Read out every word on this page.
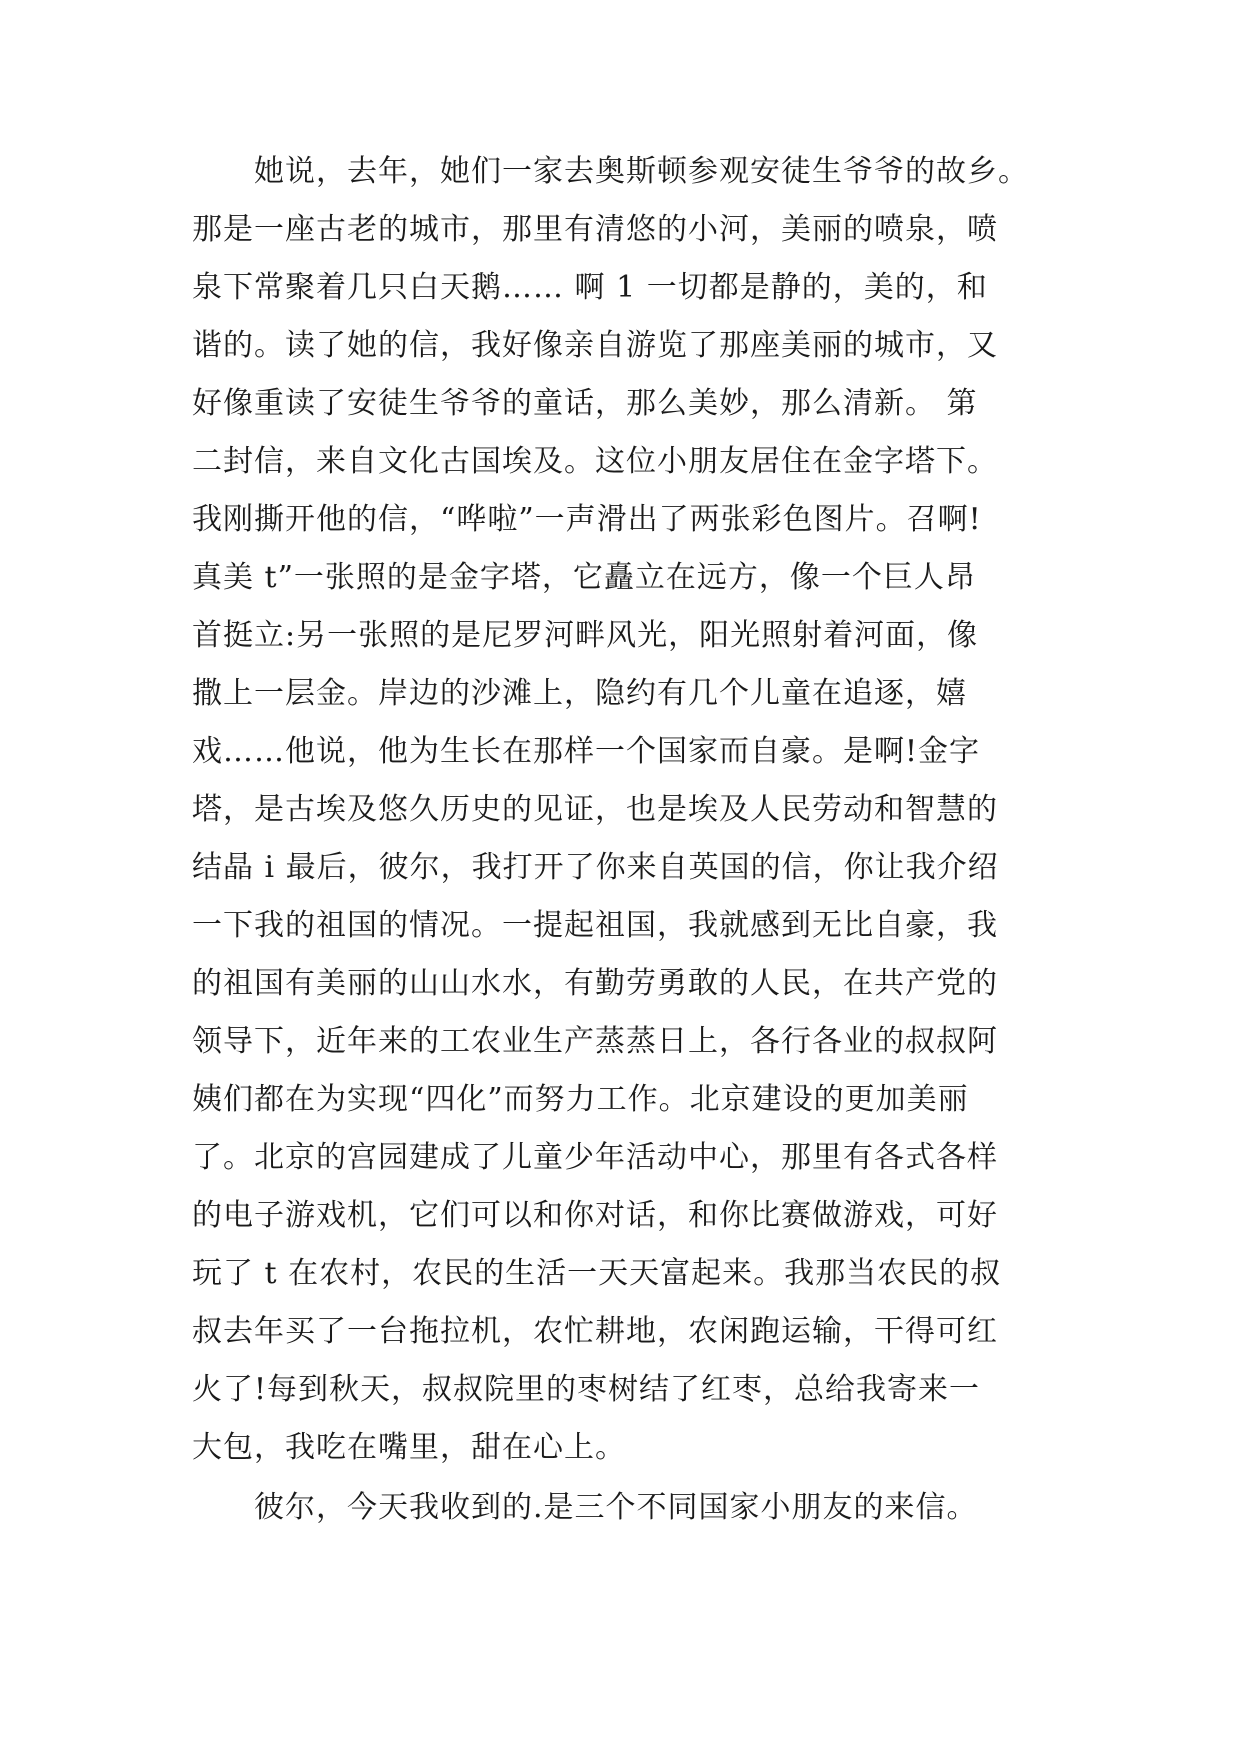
她说，去年，她们一家去奥斯顿参观安徒生爷爷的故乡。
那是一座古老的城市，那里有清悠的小河，美丽的喷泉，喷
泉下常聚着几只白天鹅…… 啊 1 一切都是静的，美的，和
谐的。读了她的信，我好像亲自游览了那座美丽的城市，又
好像重读了安徒生爷爷的童话，那么美妙，那么清新。 第
二封信，来自文化古国埃及。这位小朋友居住在金字塔下。
我刚撕开他的信，“哗啦”一声滑出了两张彩色图片。召啊!
真美 t”一张照的是金字塔，它矗立在远方，像一个巨人昂
首挺立:另一张照的是尼罗河畔风光，阳光照射着河面，像
撒上一层金。岸边的沙滩上，隐约有几个儿童在追逐，嬉
戏……他说，他为生长在那样一个国家而自豪。是啊!金字
塔，是古埃及悠久历史的见证，也是埃及人民劳动和智慧的
结晶 i 最后，彼尔，我打开了你来自英国的信，你让我介绍
一下我的祖国的情况。一提起祖国，我就感到无比自豪，我
的祖国有美丽的山山水水，有勤劳勇敢的人民，在共产党的
领导下，近年来的工农业生产蒸蒸日上，各行各业的叔叔阿
姨们都在为实现“四化”而努力工作。北京建设的更加美丽
了。北京的宫园建成了儿童少年活动中心，那里有各式各样
的电子游戏机，它们可以和你对话，和你比赛做游戏，可好
玩了 t 在农村，农民的生活一天天富起来。我那当农民的叔
叔去年买了一台拖拉机，农忙耕地，农闲跑运输，干得可红
火了!每到秋天，叔叔院里的枣树结了红枣，总给我寄来一
大包，我吃在嘴里，甜在心上。
彼尔，今天我收到的.是三个不同国家小朋友的来信。
